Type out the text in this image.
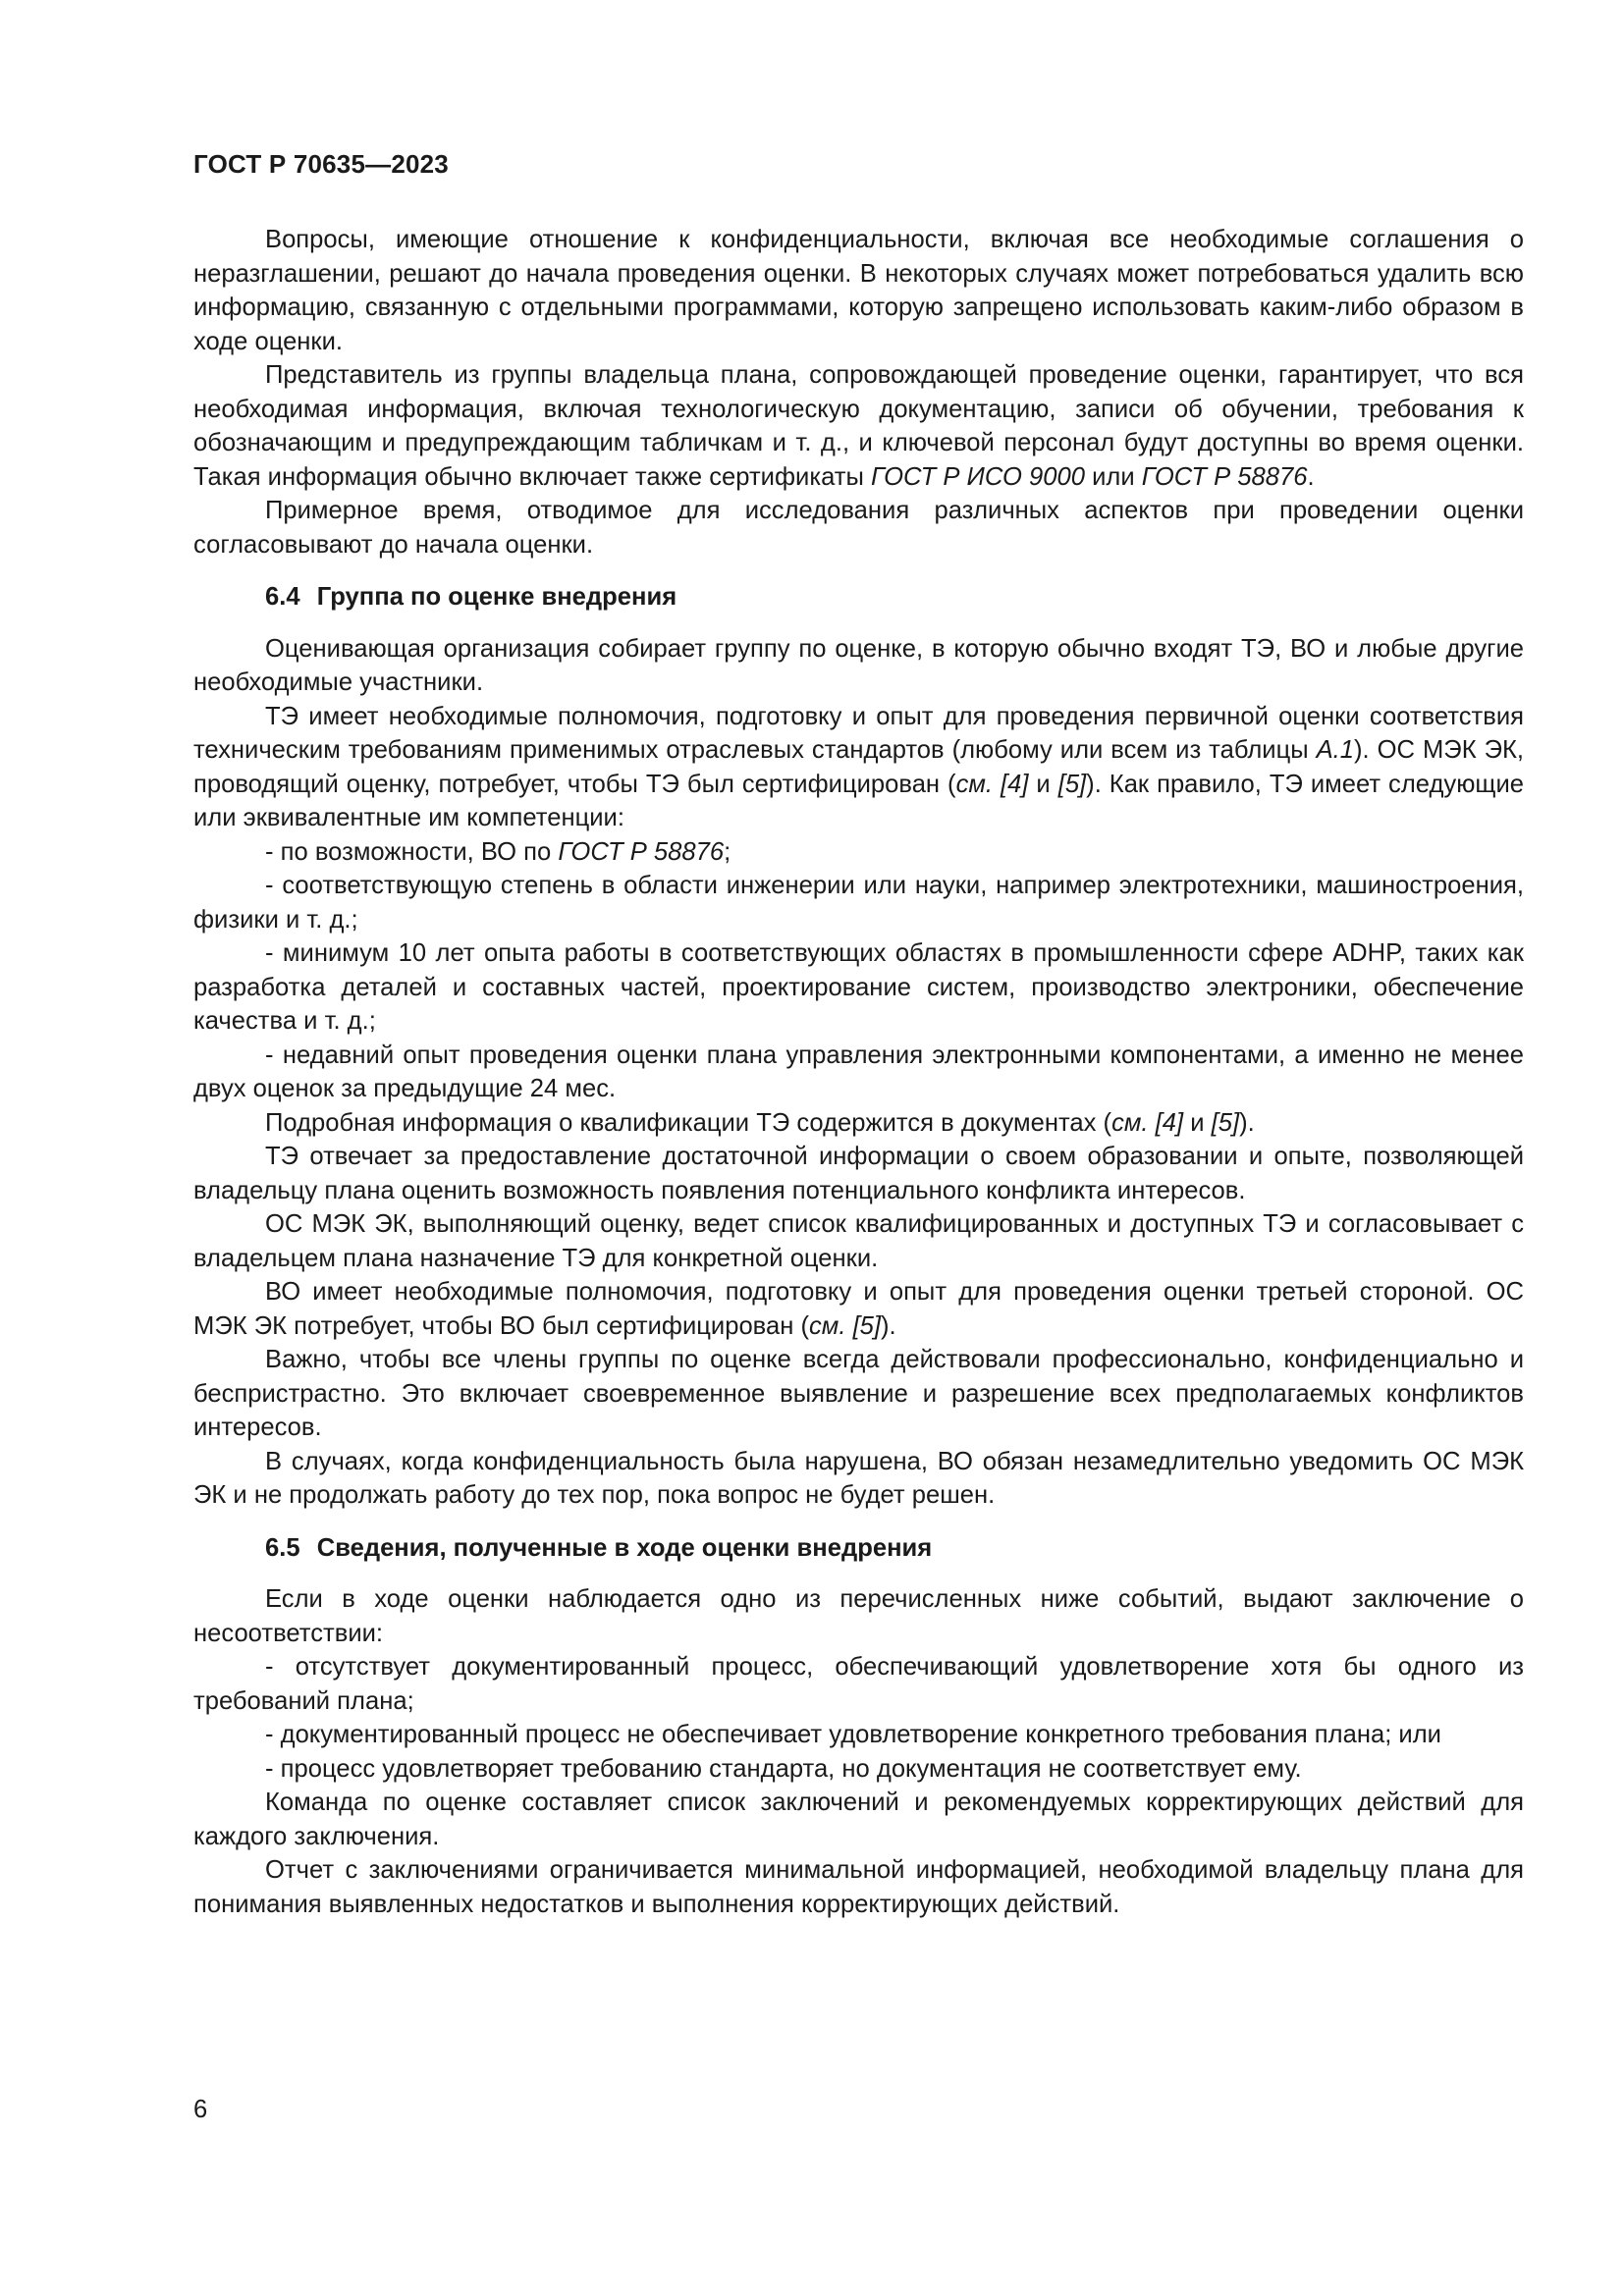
ГОСТ Р 70635—2023

Вопросы, имеющие отношение к конфиденциальности, включая все необходимые соглашения о неразглашении, решают до начала проведения оценки. В некоторых случаях может потребоваться удалить всю информацию, связанную с отдельными программами, которую запрещено использовать каким-либо образом в ходе оценки.

Представитель из группы владельца плана, сопровождающей проведение оценки, гарантирует, что вся необходимая информация, включая технологическую документацию, записи об обучении, требования к обозначающим и предупреждающим табличкам и т. д., и ключевой персонал будут доступны во время оценки. Такая информация обычно включает также сертификаты ГОСТ Р ИСО 9000 или ГОСТ Р 58876.

Примерное время, отводимое для исследования различных аспектов при проведении оценки согласовывают до начала оценки.

6.4 Группа по оценке внедрения

Оценивающая организация собирает группу по оценке, в которую обычно входят ТЭ, ВО и любые другие необходимые участники.

ТЭ имеет необходимые полномочия, подготовку и опыт для проведения первичной оценки соответствия техническим требованиям применимых отраслевых стандартов (любому или всем из таблицы А.1). ОС МЭК ЭК, проводящий оценку, потребует, чтобы ТЭ был сертифицирован (см. [4] и [5]). Как правило, ТЭ имеет следующие или эквивалентные им компетенции:

- по возможности, ВО по ГОСТ Р 58876;

- соответствующую степень в области инженерии или науки, например электротехники, машиностроения, физики и т. д.;

- минимум 10 лет опыта работы в соответствующих областях в промышленности сфере ADHP, таких как разработка деталей и составных частей, проектирование систем, производство электроники, обеспечение качества и т. д.;

- недавний опыт проведения оценки плана управления электронными компонентами, а именно не менее двух оценок за предыдущие 24 мес.

Подробная информация о квалификации ТЭ содержится в документах (см. [4] и [5]).

ТЭ отвечает за предоставление достаточной информации о своем образовании и опыте, позволяющей владельцу плана оценить возможность появления потенциального конфликта интересов.

ОС МЭК ЭК, выполняющий оценку, ведет список квалифицированных и доступных ТЭ и согласовывает с владельцем плана назначение ТЭ для конкретной оценки.

ВО имеет необходимые полномочия, подготовку и опыт для проведения оценки третьей стороной. ОС МЭК ЭК потребует, чтобы ВО был сертифицирован (см. [5]).

Важно, чтобы все члены группы по оценке всегда действовали профессионально, конфиденциально и беспристрастно. Это включает своевременное выявление и разрешение всех предполагаемых конфликтов интересов.

В случаях, когда конфиденциальность была нарушена, ВО обязан незамедлительно уведомить ОС МЭК ЭК и не продолжать работу до тех пор, пока вопрос не будет решен.

6.5 Сведения, полученные в ходе оценки внедрения

Если в ходе оценки наблюдается одно из перечисленных ниже событий, выдают заключение о несоответствии:

- отсутствует документированный процесс, обеспечивающий удовлетворение хотя бы одного из требований плана;

- документированный процесс не обеспечивает удовлетворение конкретного требования плана; или

- процесс удовлетворяет требованию стандарта, но документация не соответствует ему.

Команда по оценке составляет список заключений и рекомендуемых корректирующих действий для каждого заключения.

Отчет с заключениями ограничивается минимальной информацией, необходимой владельцу плана для понимания выявленных недостатков и выполнения корректирующих действий.

6
